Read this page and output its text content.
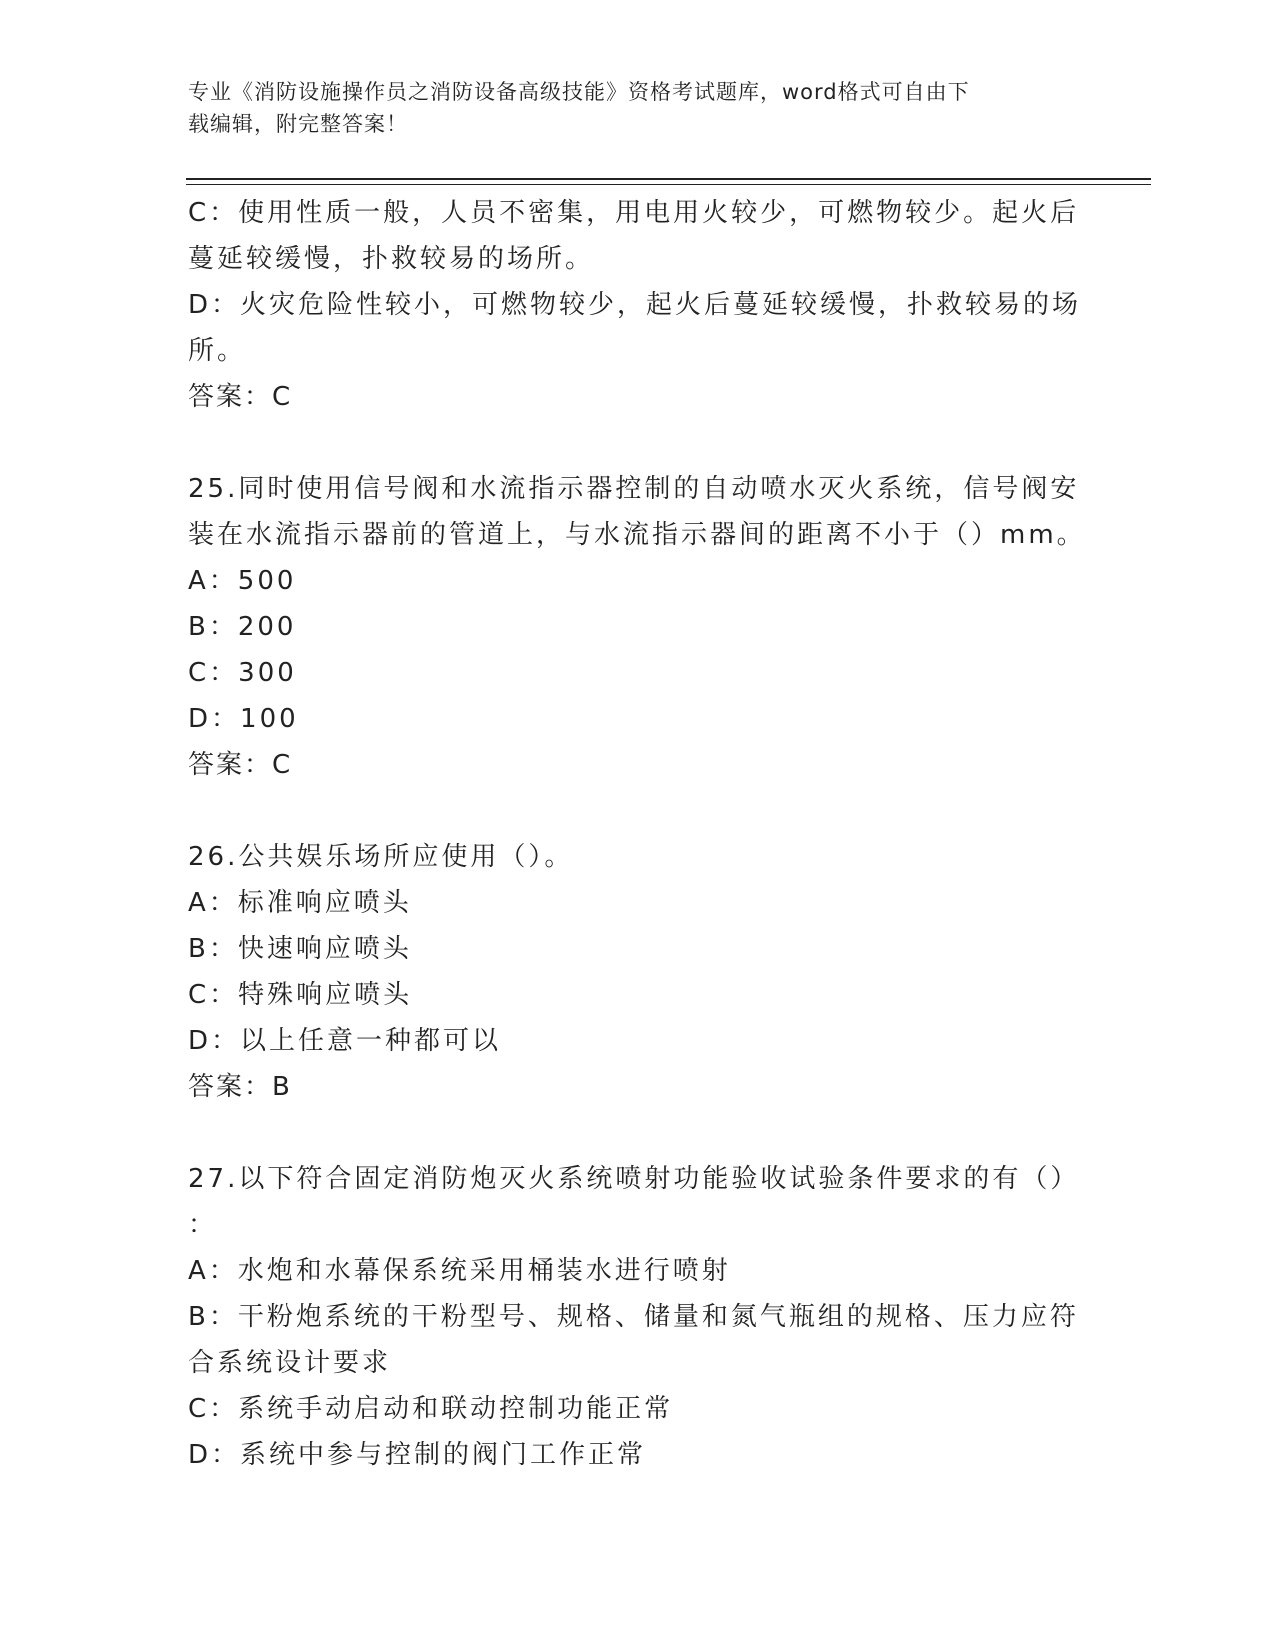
专业《消防设施操作员之消防设备高级技能》资格考试题库，word格式可自由下
载编辑，附完整答案！

C：使用性质一般，人员不密集，用电用火较少，可燃物较少。起火后

蔓延较缓慢，扑救较易的场所。

D：火灾危险性较小，可燃物较少，起火后蔓延较缓慢，扑救较易的场

所。

答案：C

25.同时使用信号阀和水流指示器控制的自动喷水灭火系统，信号阀安

装在水流指示器前的管道上，与水流指示器间的距离不小于（）mm。

A：500

B：200

C：300

D：100

答案：C

26.公共娱乐场所应使用（）。

A：标准响应喷头

B：快速响应喷头

C：特殊响应喷头

D：以上任意一种都可以

答案：B

27.以下符合固定消防炮灭火系统喷射功能验收试验条件要求的有（）

：

A：水炮和水幕保系统采用桶装水进行喷射

B：干粉炮系统的干粉型号、规格、储量和氮气瓶组的规格、压力应符

合系统设计要求

C：系统手动启动和联动控制功能正常

D：系统中参与控制的阀门工作正常
